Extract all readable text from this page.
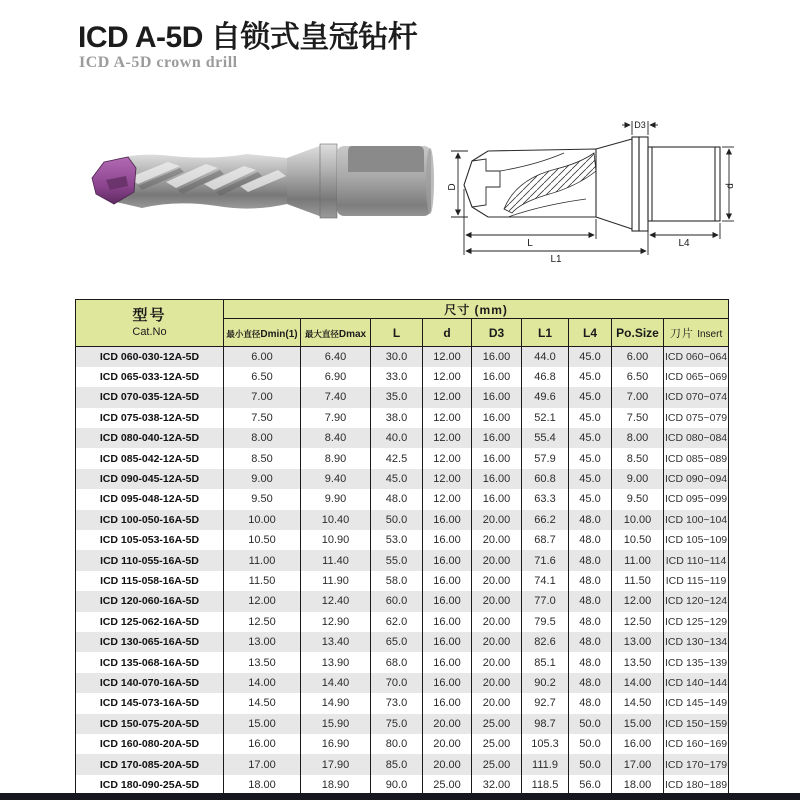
ICD A-5D 自锁式皇冠钻杆
ICD A-5D crown drill
D
D3
d
L	L4
L1
型号
Cat.No	尺寸 (mm)								
	最小直径Dmin(1)	最大直径Dmax	L	d	D3	L1	L4	Po.Size	刀片 Insert
ICD 060-030-12A-5D	6.00	6.40	30.0	12.00	16.00	44.0	45.0	6.00	ICD 060~064
ICD 065-033-12A-5D	6.50	6.90	33.0	12.00	16.00	46.8	45.0	6.50	ICD 065~069
ICD 070-035-12A-5D	7.00	7.40	35.0	12.00	16.00	49.6	45.0	7.00	ICD 070~074
ICD 075-038-12A-5D	7.50	7.90	38.0	12.00	16.00	52.1	45.0	7.50	ICD 075~079
ICD 080-040-12A-5D	8.00	8.40	40.0	12.00	16.00	55.4	45.0	8.00	ICD 080~084
ICD 085-042-12A-5D	8.50	8.90	42.5	12.00	16.00	57.9	45.0	8.50	ICD 085~089
ICD 090-045-12A-5D	9.00	9.40	45.0	12.00	16.00	60.8	45.0	9.00	ICD 090~094
ICD 095-048-12A-5D	9.50	9.90	48.0	12.00	16.00	63.3	45.0	9.50	ICD 095~099
ICD 100-050-16A-5D	10.00	10.40	50.0	16.00	20.00	66.2	48.0	10.00	ICD 100~104
ICD 105-053-16A-5D	10.50	10.90	53.0	16.00	20.00	68.7	48.0	10.50	ICD 105~109
ICD 110-055-16A-5D	11.00	11.40	55.0	16.00	20.00	71.6	48.0	11.00	ICD 110~114
ICD 115-058-16A-5D	11.50	11.90	58.0	16.00	20.00	74.1	48.0	11.50	ICD 115~119
ICD 120-060-16A-5D	12.00	12.40	60.0	16.00	20.00	77.0	48.0	12.00	ICD 120~124
ICD 125-062-16A-5D	12.50	12.90	62.0	16.00	20.00	79.5	48.0	12.50	ICD 125~129
ICD 130-065-16A-5D	13.00	13.40	65.0	16.00	20.00	82.6	48.0	13.00	ICD 130~134
ICD 135-068-16A-5D	13.50	13.90	68.0	16.00	20.00	85.1	48.0	13.50	ICD 135~139
ICD 140-070-16A-5D	14.00	14.40	70.0	16.00	20.00	90.2	48.0	14.00	ICD 140~144
ICD 145-073-16A-5D	14.50	14.90	73.0	16.00	20.00	92.7	48.0	14.50	ICD 145~149
ICD 150-075-20A-5D	15.00	15.90	75.0	20.00	25.00	98.7	50.0	15.00	ICD 150~159
ICD 160-080-20A-5D	16.00	16.90	80.0	20.00	25.00	105.3	50.0	16.00	ICD 160~169
ICD 170-085-20A-5D	17.00	17.90	85.0	20.00	25.00	111.9	50.0	17.00	ICD 170~179
ICD 180-090-25A-5D	18.00	18.90	90.0	25.00	32.00	118.5	56.0	18.00	ICD 180~189
